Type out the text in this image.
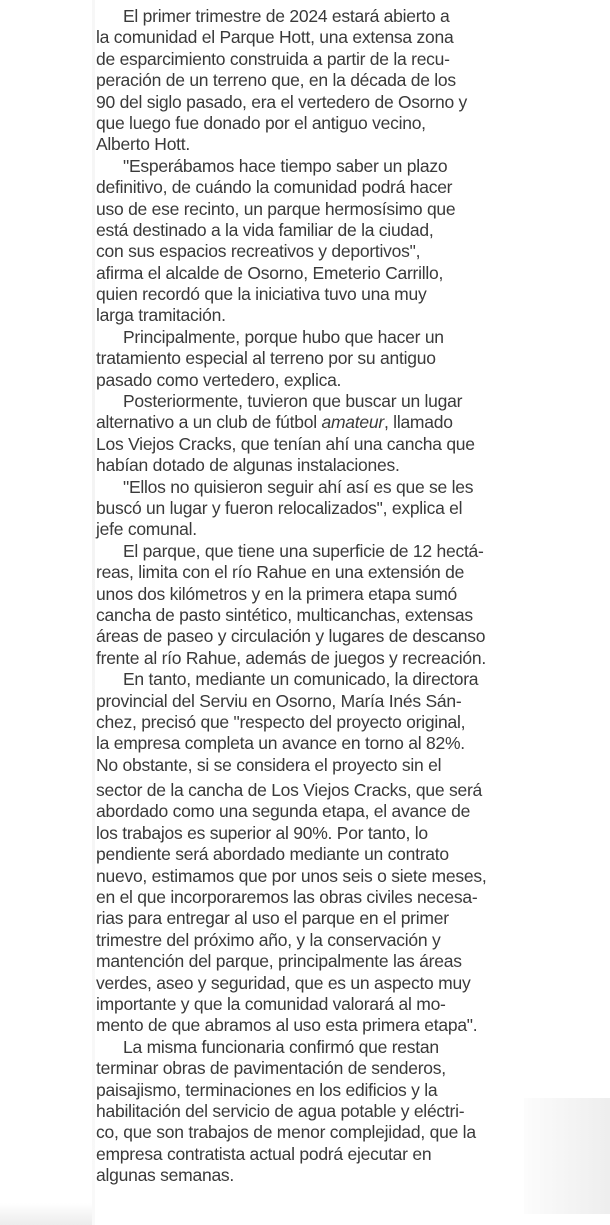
El primer trimestre de 2024 estará abierto a
la comunidad el Parque Hott, una extensa zona
de esparcimiento construida a partir de la recu-
peración de un terreno que, en la década de los
90 del siglo pasado, era el vertedero de Osorno y
que luego fue donado por el antiguo vecino,
Alberto Hott.

"Esperábamos hace tiempo saber un plazo
definitivo, de cuándo la comunidad podrá hacer
uso de ese recinto, un parque hermosísimo que
está destinado a la vida familiar de la ciudad,
con sus espacios recreativos y deportivos",
afirma el alcalde de Osorno, Emeterio Carrillo,
quien recordó que la iniciativa tuvo una muy
larga tramitación.

Principalmente, porque hubo que hacer un
tratamiento especial al terreno por su antiguo
pasado como vertedero, explica.

Posteriormente, tuvieron que buscar un lugar
alternativo a un club de fútbol amateur, llamado
Los Viejos Cracks, que tenían ahí una cancha que
habían dotado de algunas instalaciones.

"Ellos no quisieron seguir ahí así es que se les
buscó un lugar y fueron relocalizados", explica el
jefe comunal.

El parque, que tiene una superficie de 12 hectá-
reas, limita con el río Rahue en una extensión de
unos dos kilómetros y en la primera etapa sumó
cancha de pasto sintético, multicanchas, extensas
áreas de paseo y circulación y lugares de descanso
frente al río Rahue, además de juegos y recreación.

En tanto, mediante un comunicado, la directora
provincial del Serviu en Osorno, María Inés Sán-
chez, precisó que "respecto del proyecto original,
la empresa completa un avance en torno al 82%.
No obstante, si se considera el proyecto sin el
sector de la cancha de Los Viejos Cracks, que será
abordado como una segunda etapa, el avance de
los trabajos es superior al 90%. Por tanto, lo
pendiente será abordado mediante un contrato
nuevo, estimamos que por unos seis o siete meses,
en el que incorporaremos las obras civiles necesa-
rias para entregar al uso el parque en el primer
trimestre del próximo año, y la conservación y
mantención del parque, principalmente las áreas
verdes, aseo y seguridad, que es un aspecto muy
importante y que la comunidad valorará al mo-
mento de que abramos al uso esta primera etapa".

La misma funcionaria confirmó que restan
terminar obras de pavimentación de senderos,
paisajismo, terminaciones en los edificios y la
habilitación del servicio de agua potable y eléctri-
co, que son trabajos de menor complejidad, que la
empresa contratista actual podrá ejecutar en
algunas semanas.
